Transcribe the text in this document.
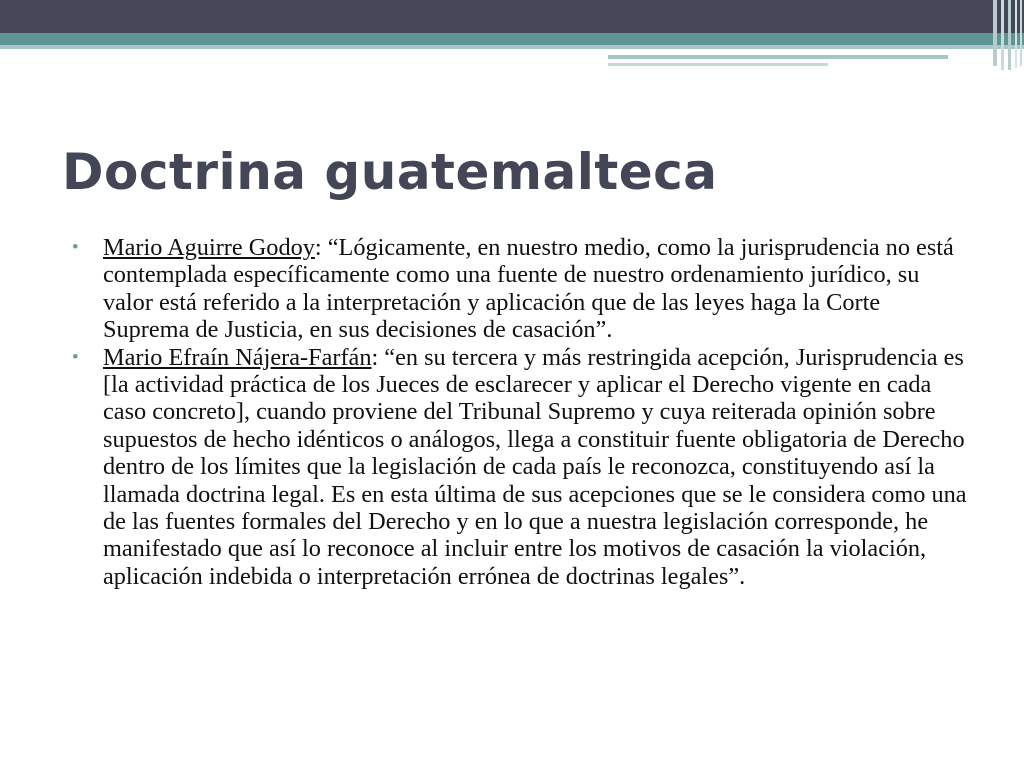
Doctrina guatemalteca
• Mario Aguirre Godoy: “Lógicamente, en nuestro medio, como la jurisprudencia no está contemplada específicamente como una fuente de nuestro ordenamiento jurídico, su valor está referido a la interpretación y aplicación que de las leyes haga la Corte Suprema de Justicia, en sus decisiones de casación”.
• Mario Efraín Nájera-Farfán: “en su tercera y más restringida acepción, Jurisprudencia es [la actividad práctica de los Jueces de esclarecer y aplicar el Derecho vigente en cada caso concreto], cuando proviene del Tribunal Supremo y cuya reiterada opinión sobre supuestos de hecho idénticos o análogos, llega a constituir fuente obligatoria de Derecho dentro de los límites que la legislación de cada país le reconozca, constituyendo así la llamada doctrina legal. Es en esta última de sus acepciones que se le considera como una de las fuentes formales del Derecho y en lo que a nuestra legislación corresponde, he manifestado que así lo reconoce al incluir entre los motivos de casación la violación, aplicación indebida o interpretación errónea de doctrinas legales”.
